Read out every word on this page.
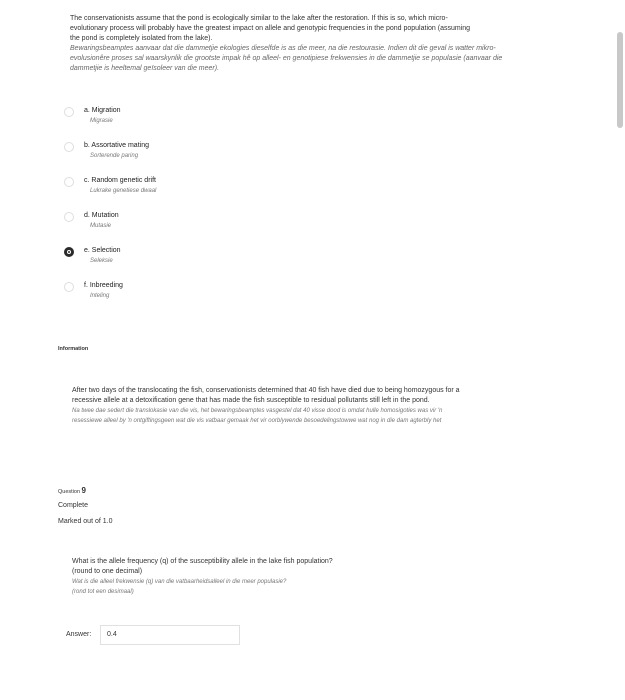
The conservationists assume that the pond is ecologically similar to the lake after the restoration. If this is so, which micro-

evolutionary process will probably have the greatest impact on allele and genotypic frequencies in the pond population (assuming

the pond is completely isolated from the lake).

Bewaringsbeamptes aanvaar dat die dammetjie ekologies dieselfde is as die meer, na die restourasie. Indien dit die geval is watter mikro-

evolusionêre proses sal waarskynlik die grootste impak hê op alleel- en genotipiese frekwensies in die dammetjie se populasie (aanvaar die

dammetjie is heeltemal geïsoleer van die meer).

a. Migration
Migrasie
b. Assortative mating
Sorterende paring
c. Random genetic drift
Lukrake genetiese dwaal
d. Mutation
Mutasie
e. Selection
Seleksie
f. Inbreeding
Inteling
Information

After two days of the translocating the fish, conservationists determined that 40 fish have died due to being homozygous for a

recessive allele at a detoxification gene that has made the fish susceptible to residual pollutants still left in the pond.

Na twee dae sedert die translokasie van die vis, het bewaringsbeamptes vasgestel dat 40 visse dood is omdat hulle homosigoties was vir 'n

resessiewe alleel by 'n ontgiftingsgeen wat die vis vatbaar gemaak het vir oorblywende besoedelingstowwe wat nog in die dam agterbly het

Question 9
Complete
Marked out of 1.0

What is the allele frequency (q) of the susceptibility allele in the lake fish population?

(round to one decimal)

Wat is die alleel frekwensie (q) van die vatbaarheidsalleel in die meer populasie?

(rond tot een desimaal)

Answer:	0.4
